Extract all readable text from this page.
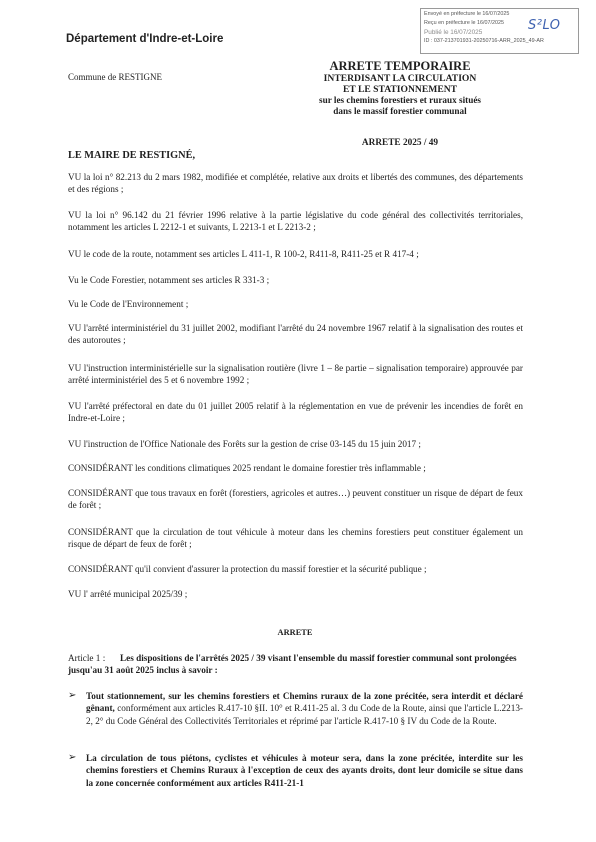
Département d'Indre-et-Loire
Commune de RESTIGNE
Envoyé en préfecture le 16/07/2025
Reçu en préfecture le 16/07/2025
Publié le 16/07/2025
ID : 037-213701931-20250716-ARR_2025_49-AR
S²LO
ARRETE TEMPORAIRE
INTERDISANT LA CIRCULATION
ET LE STATIONNEMENT
sur les chemins forestiers et ruraux situés
dans le massif forestier communal
ARRETE 2025 / 49
LE MAIRE DE RESTIGNÉ,
VU la loi n° 82.213 du 2 mars 1982, modifiée et complétée, relative aux droits et libertés des communes, des départements et des régions ;
VU la loi n° 96.142 du 21 février 1996 relative à la partie législative du code général des collectivités territoriales, notamment les articles L 2212-1 et suivants, L 2213-1 et L 2213-2 ;
VU le code de la route, notamment ses articles L 411-1, R 100-2, R411-8, R411-25 et R 417-4 ;
Vu le Code Forestier, notamment ses articles R 331-3 ;
Vu le Code de l'Environnement ;
VU l'arrêté interministériel du 31 juillet 2002, modifiant l'arrêté du 24 novembre 1967 relatif à la signalisation des routes et des autoroutes ;
VU l'instruction interministérielle sur la signalisation routière (livre 1 – 8e partie – signalisation temporaire) approuvée par arrêté interministériel des 5 et 6 novembre 1992 ;
VU l'arrêté préfectoral en date du 01 juillet 2005 relatif à la réglementation en vue de prévenir les incendies de forêt en Indre-et-Loire ;
VU l'instruction de l'Office Nationale des Forêts sur la gestion de crise 03-145 du 15 juin 2017 ;
CONSIDÉRANT les conditions climatiques 2025 rendant le domaine forestier très inflammable ;
CONSIDÉRANT que tous travaux en forêt (forestiers, agricoles et autres…) peuvent constituer un risque de départ de feux de forêt ;
CONSIDÉRANT que la circulation de tout véhicule à moteur dans les chemins forestiers peut constituer également un risque de départ de feux de forêt ;
CONSIDÉRANT qu'il convient d'assurer la protection du massif forestier et la sécurité publique ;
VU l' arrêté municipal 2025/39 ;
ARRETE
Article 1 : Les dispositions de l'arrêtés 2025 / 39 visant l'ensemble du massif forestier communal sont prolongées jusqu'au 31 août 2025 inclus à savoir :
➢ Tout stationnement, sur les chemins forestiers et Chemins ruraux de la zone précitée, sera interdit et déclaré gênant, conformément aux articles R.417-10 §II. 10° et R.411-25 al. 3 du Code de la Route, ainsi que l'article L.2213-2, 2° du Code Général des Collectivités Territoriales et réprimé par l'article R.417-10 § IV du Code de la Route.
➢ La circulation de tous piétons, cyclistes et véhicules à moteur sera, dans la zone précitée, interdite sur les chemins forestiers et Chemins Ruraux à l'exception de ceux des ayants droits, dont leur domicile se situe dans la zone concernée conformément aux articles R411-21-1
